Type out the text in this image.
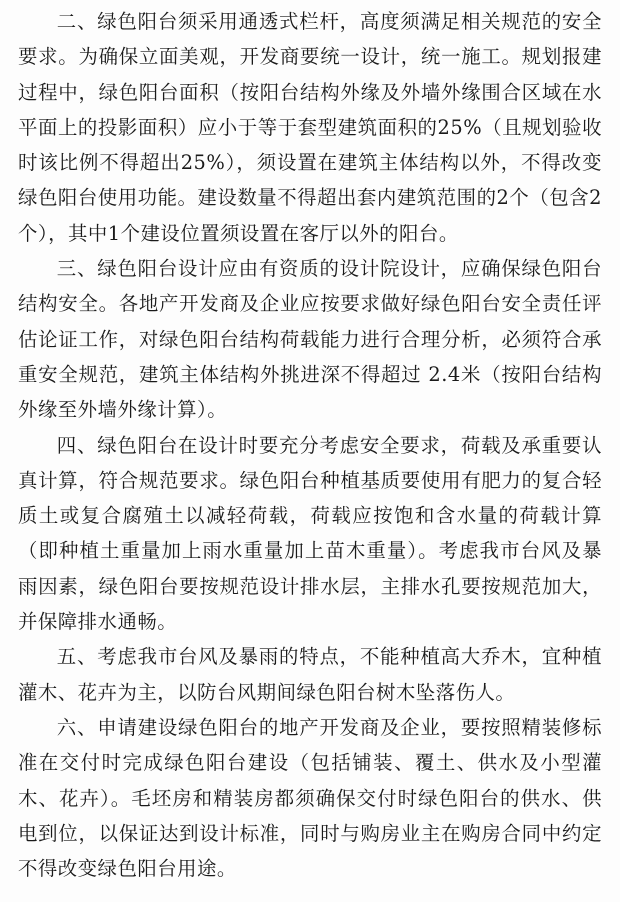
二、绿色阳台须采用通透式栏杆，高度须满足相关规范的安全要求。为确保立面美观，开发商要统一设计，统一施工。规划报建过程中，绿色阳台面积（按阳台结构外缘及外墙外缘围合区域在水平面上的投影面积）应小于等于套型建筑面积的25%（且规划验收时该比例不得超出25%），须设置在建筑主体结构以外，不得改变绿色阳台使用功能。建设数量不得超出套内建筑范围的2个（包含2个），其中1个建设位置须设置在客厅以外的阳台。

三、绿色阳台设计应由有资质的设计院设计，应确保绿色阳台结构安全。各地产开发商及企业应按要求做好绿色阳台安全责任评估论证工作，对绿色阳台结构荷载能力进行合理分析，必须符合承重安全规范，建筑主体结构外挑进深不得超过 2.4米（按阳台结构外缘至外墙外缘计算）。

四、绿色阳台在设计时要充分考虑安全要求，荷载及承重要认真计算，符合规范要求。绿色阳台种植基质要使用有肥力的复合轻质土或复合腐殖土以减轻荷载，荷载应按饱和含水量的荷载计算（即种植土重量加上雨水重量加上苗木重量）。考虑我市台风及暴雨因素，绿色阳台要按规范设计排水层，主排水孔要按规范加大，并保障排水通畅。

五、考虑我市台风及暴雨的特点，不能种植高大乔木，宜种植灌木、花卉为主，以防台风期间绿色阳台树木坠落伤人。

六、申请建设绿色阳台的地产开发商及企业，要按照精装修标准在交付时完成绿色阳台建设（包括铺装、覆土、供水及小型灌木、花卉）。毛坯房和精装房都须确保交付时绿色阳台的供水、供电到位，以保证达到设计标准，同时与购房业主在购房合同中约定不得改变绿色阳台用途。
